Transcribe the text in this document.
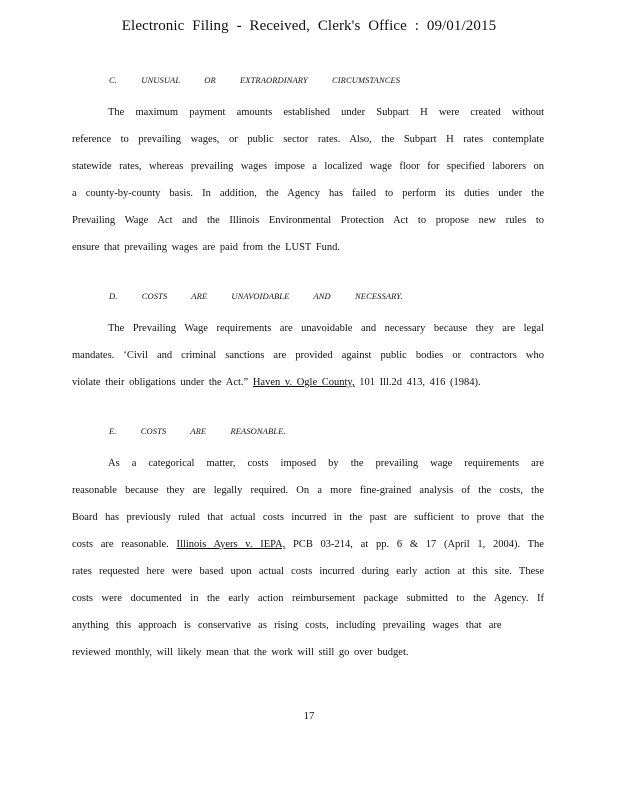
Electronic Filing - Received, Clerk's Office : 09/01/2015
C. UNUSUAL OR EXTRAORDINARY CIRCUMSTANCES
The maximum payment amounts established under Subpart H were created without
reference to prevailing wages, or public sector rates. Also, the Subpart H rates contemplate
statewide rates, whereas prevailing wages impose a localized wage floor for specified laborers on
a county-by-county basis. In addition, the Agency has failed to perform its duties under the
Prevailing Wage Act and the Illinois Environmental Protection Act to propose new rules to
ensure that prevailing wages are paid from the LUST Fund.
D. COSTS ARE UNAVOIDABLE AND NECESSARY.
The Prevailing Wage requirements are unavoidable and necessary because they are legal
mandates. ‘Civil and criminal sanctions are provided against public bodies or contractors who
violate their obligations under the Act.” Haven v. Ogle County, 101 Ill.2d 413, 416 (1984).
E. COSTS ARE REASONABLE.
As a categorical matter, costs imposed by the prevailing wage requirements are
reasonable because they are legally required. On a more fine-grained analysis of the costs, the
Board has previously ruled that actual costs incurred in the past are sufficient to prove that the
costs are reasonable. Illinois Ayers v. IEPA, PCB 03-214, at pp. 6 & 17 (April 1, 2004). The
rates requested here were based upon actual costs incurred during early action at this site. These
costs were documented in the early action reimbursement package submitted to the Agency. If
anything this approach is conservative as rising costs, including prevailing wages that are
reviewed monthly, will likely mean that the work will still go over budget.
17
